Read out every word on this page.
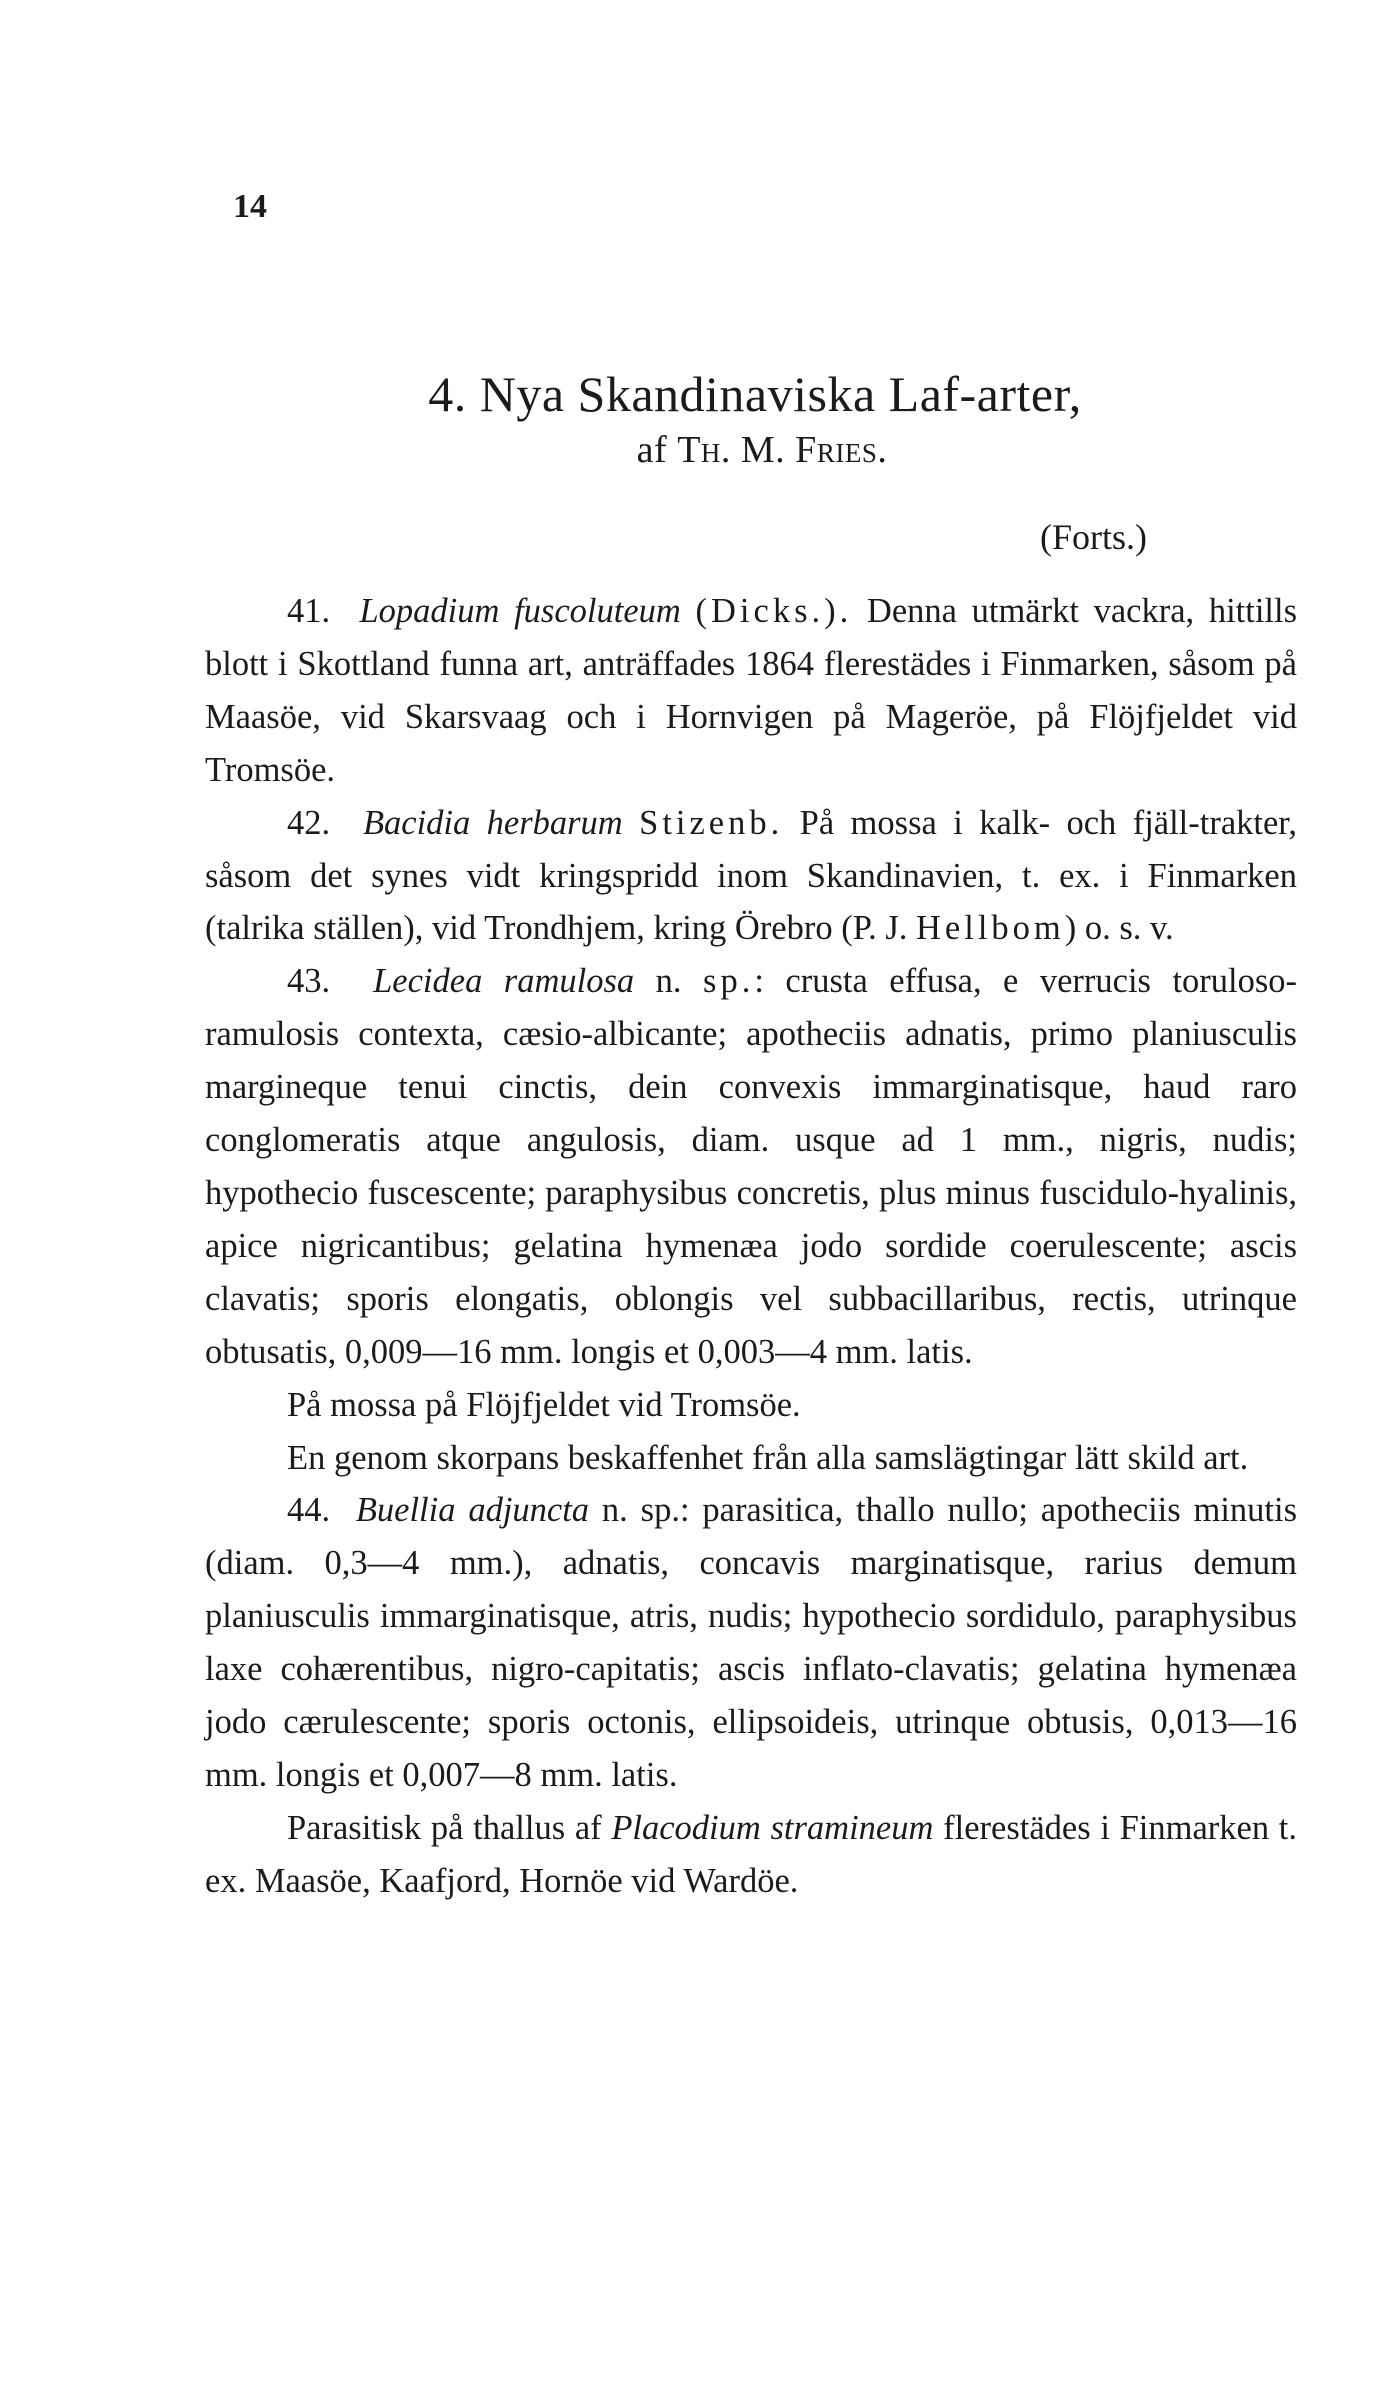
14
4. Nya Skandinaviska Laf-arter,
af Th. M. Fries.
(Forts.)

41. Lopadium fuscoluteum (Dicks.). Denna utmärkt vackra, hittills blott i Skottland funna art, anträffades 1864 flerestädes i Finmarken, såsom på Maasöe, vid Skarsvaag och i Hornvigen på Mageröe, på Flöjfjeldet vid Tromsöe.

42. Bacidia herbarum Stizenb. På mossa i kalk- och fjäll-trakter, såsom det synes vidt kringspridd inom Skandinavien, t. ex. i Finmarken (talrika ställen), vid Trondhjem, kring Örebro (P. J. Hellbom) o. s. v.

43. Lecidea ramulosa n. sp.: crusta effusa, e verrucis toruloso-ramulosis contexta, cæsio-albicante; apotheciis adnatis, primo planiusculis margineque tenui cinctis, dein convexis immarginatisque, haud raro conglomeratis atque angulosis, diam. usque ad 1 mm., nigris, nudis; hypothecio fuscescente; paraphysibus concretis, plus minus fuscidulo-hyalinis, apice nigricantibus; gelatina hymenæa jodo sordide coerulescente; ascis clavatis; sporis elongatis, oblongis vel subbacillaribus, rectis, utrinque obtusatis, 0,009—16 mm. longis et 0,003—4 mm. latis.

På mossa på Flöjfjeldet vid Tromsöe.

En genom skorpans beskaffenhet från alla samslägtingar lätt skild art.

44. Buellia adjuncta n. sp.: parasitica, thallo nullo; apotheciis minutis (diam. 0,3—4 mm.), adnatis, concavis marginatisque, rarius demum planiusculis immarginatisque, atris, nudis; hypothecio sordidulo, paraphysibus laxe cohærentibus, nigro-capitatis; ascis inflato-clavatis; gelatina hymenæa jodo cærulescente; sporis octonis, ellipsoideis, utrinque obtusis, 0,013—16 mm. longis et 0,007—8 mm. latis.

Parasitisk på thallus af Placodium stramineum flerestädes i Finmarken t. ex. Maasöe, Kaafjord, Hornöe vid Wardöe.
